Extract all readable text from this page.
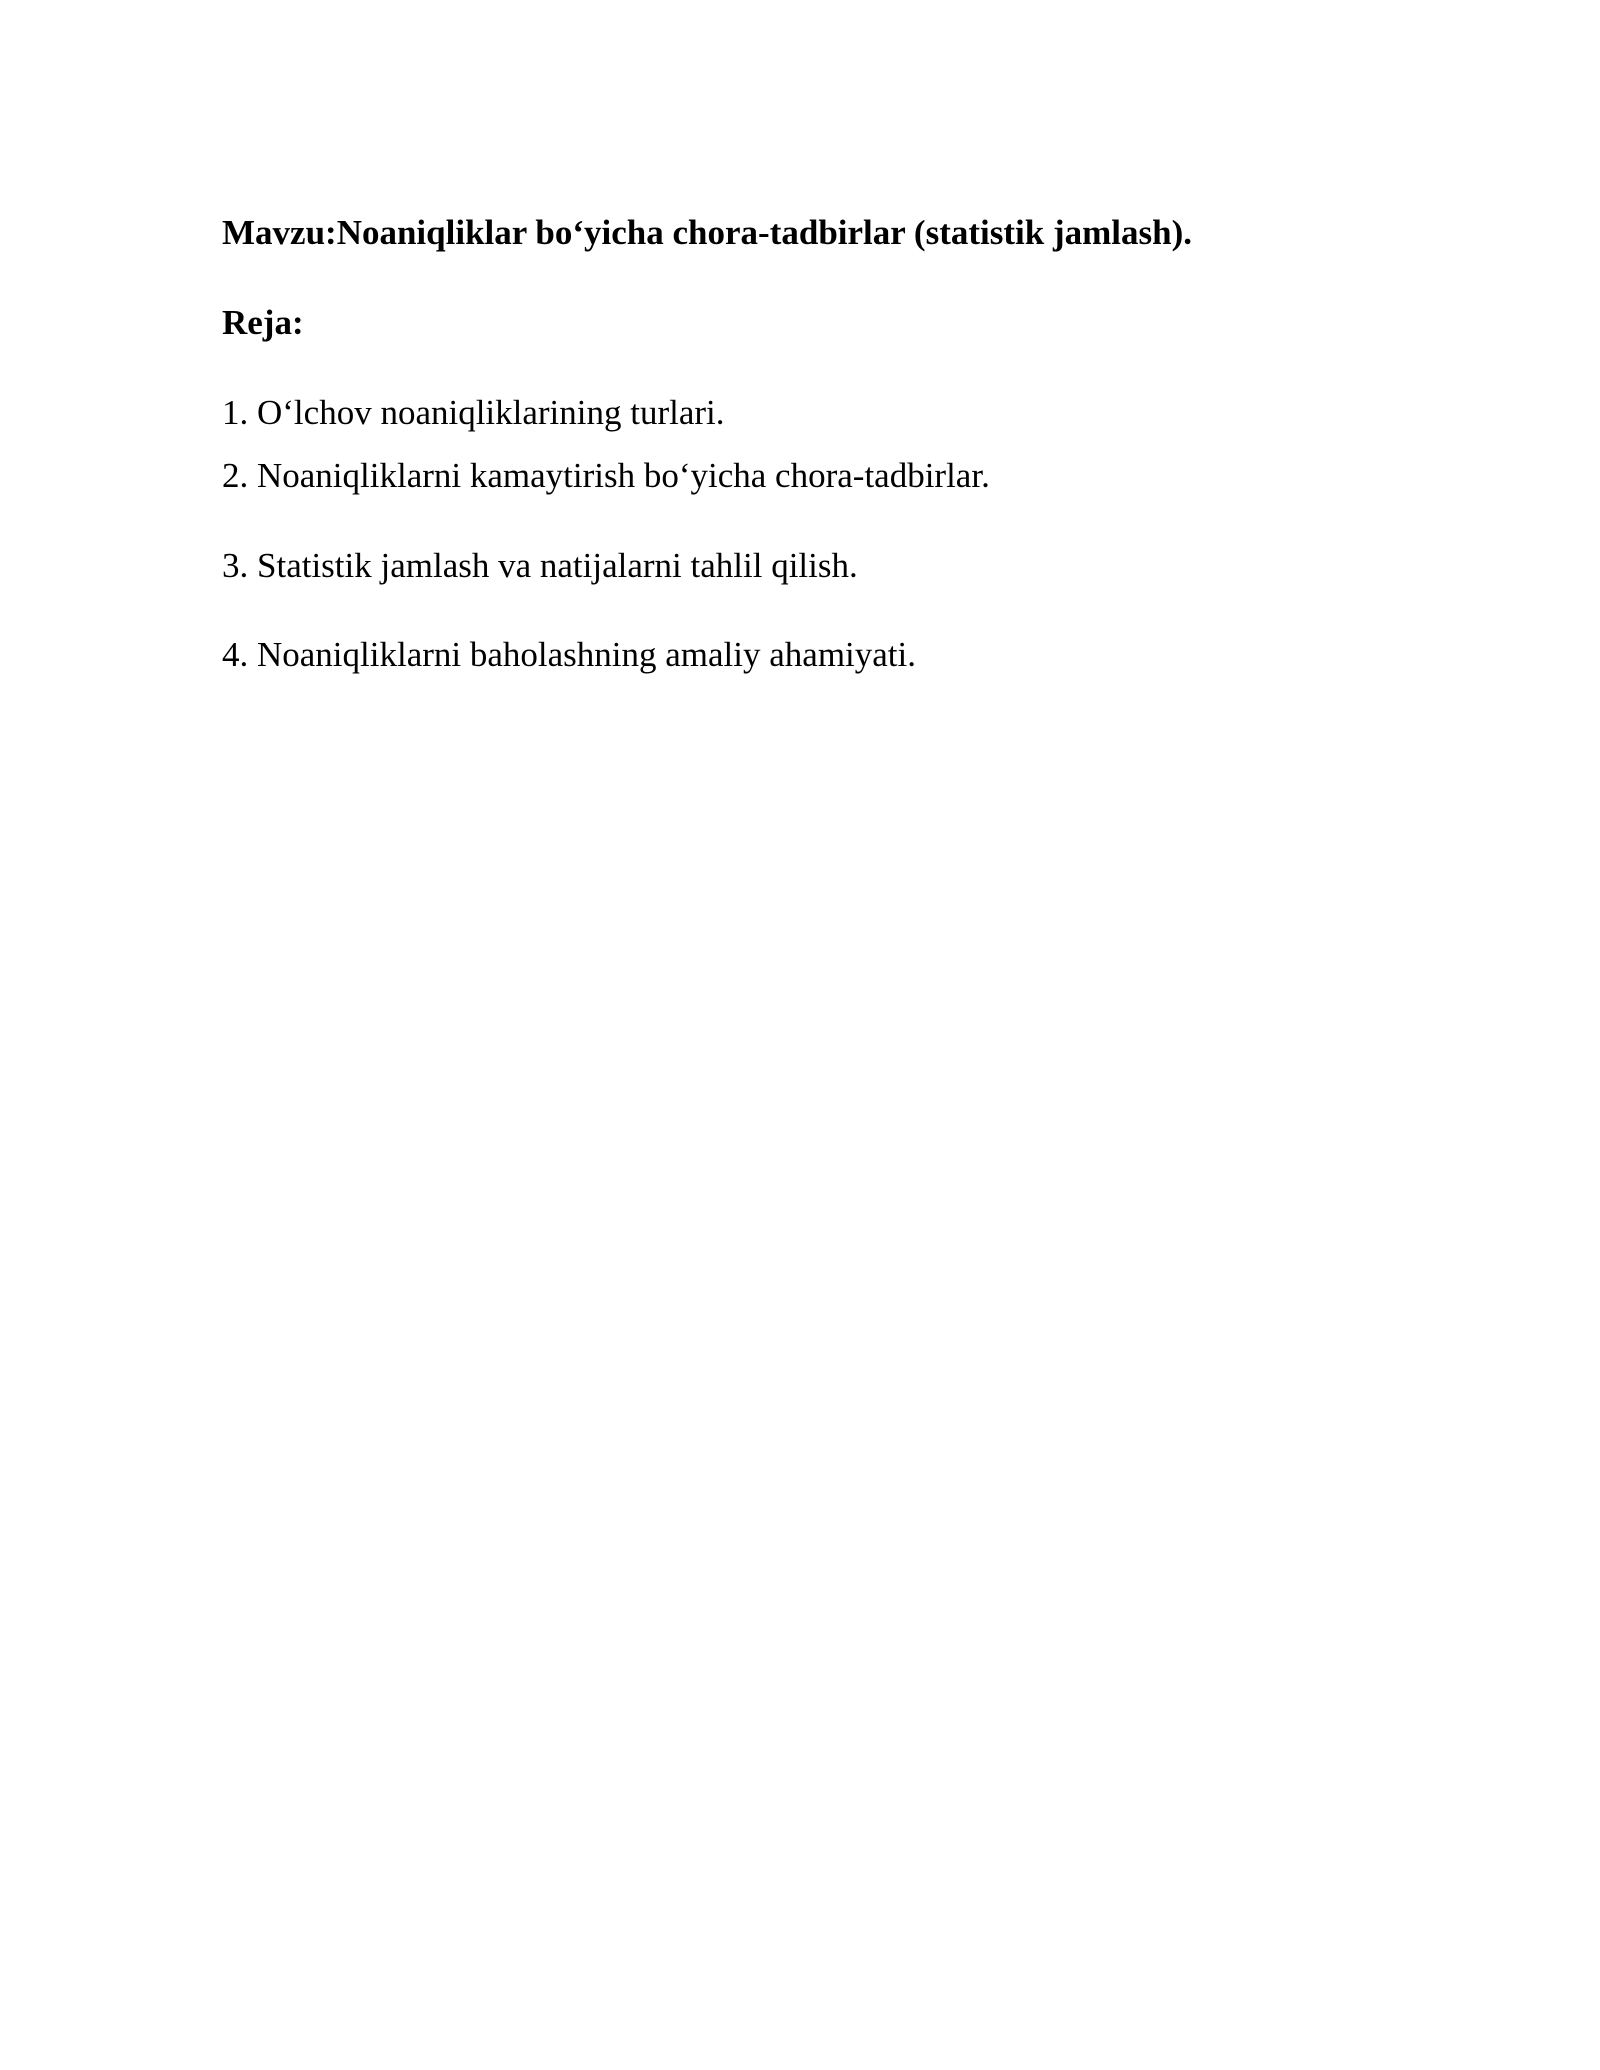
Mavzu:Noaniqliklar bo‘yicha chora-tadbirlar (statistik jamlash).
Reja:
1. O‘lchov noaniqliklarining turlari.
2. Noaniqliklarni kamaytirish bo‘yicha chora-tadbirlar.
3. Statistik jamlash va natijalarni tahlil qilish.
4. Noaniqliklarni baholashning amaliy ahamiyati.
